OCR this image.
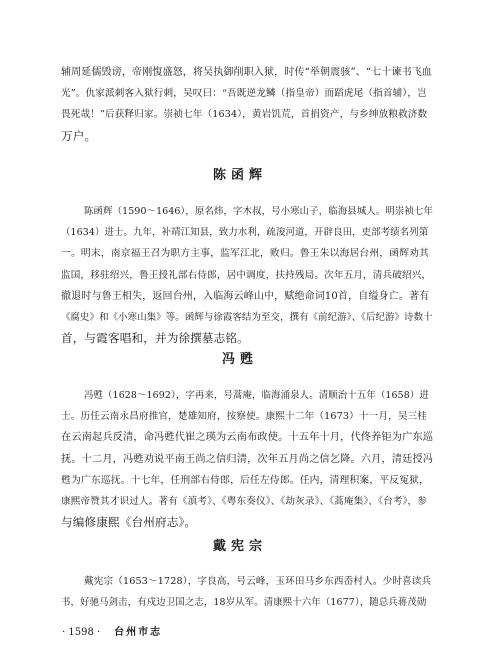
辅周延儒毁谤，帝刚愎盛怒，将吴执御削职入狱，时传“举朝震骇”、“七十谏书飞血
光”。仇家派刺客入狱行刺，吴叹曰：“吾既逆龙鳞（指皇帝）而蹈虎尾（指首辅），岂
畏死哉！”后获释归家。崇祯七年（1634），黄岩饥荒，首捐资产，与乡绅放粮救济数
万户。

陈函辉

陈函辉（1590～1646），原名炜，字木叔，号小寒山子，临海县城人。明崇祯七年
（1634）进士。九年，补靖江知县，致力水利，疏浚河道，开辟良田，吏部考绩名列第
一。明末，南京福王召为职方主事，监军江北，败归。鲁王朱以海居台州，函辉劝其
监国，移驻绍兴，鲁王授礼部右侍郎，居中调度，扶持残局。次年五月，清兵破绍兴，
撤退时与鲁王相失，返回台州，入临海云峰山中，赋绝命词10首，自缢身亡。著有
《腐史》和《小寒山集》等。函辉与徐霞客结为至交，撰有《前纪游》、《后纪游》诗数十
首，与霞客唱和，并为徐撰墓志铭。

冯甦

冯甦（1628～1692），字再来，号蒿庵，临海涌泉人。清顺治十五年（1658）进
士。历任云南永昌府推官，楚雄知府，按察使。康熙十二年（1673）十一月，吴三桂
在云南起兵反清，命冯甦代崔之瑛为云南布政使。十五年十月，代佟养钜为广东巡
抚。十二月，冯甦劝说平南王尚之信归清，次年五月尚之信乞降。六月，清廷授冯
甦为广东巡抚。十七年，任刑部右侍郎，后任左侍郎。任内，清理积案，平反冤狱，
康熙帝赞其才识过人。著有《滇考》、《粤东奏仪》、《劫灰录》、《蒿庵集》、《台考》，参
与编修康熙《台州府志》。

戴宪宗

戴宪宗（1653～1728），字良高，号云峰，玉环田马乡东西岙村人。少时喜读兵
书，好驰马剑击，有戍边卫国之志，18岁从军。清康熙十六年（1677），随总兵蒋茂勋

· 1598 · 台州市志
